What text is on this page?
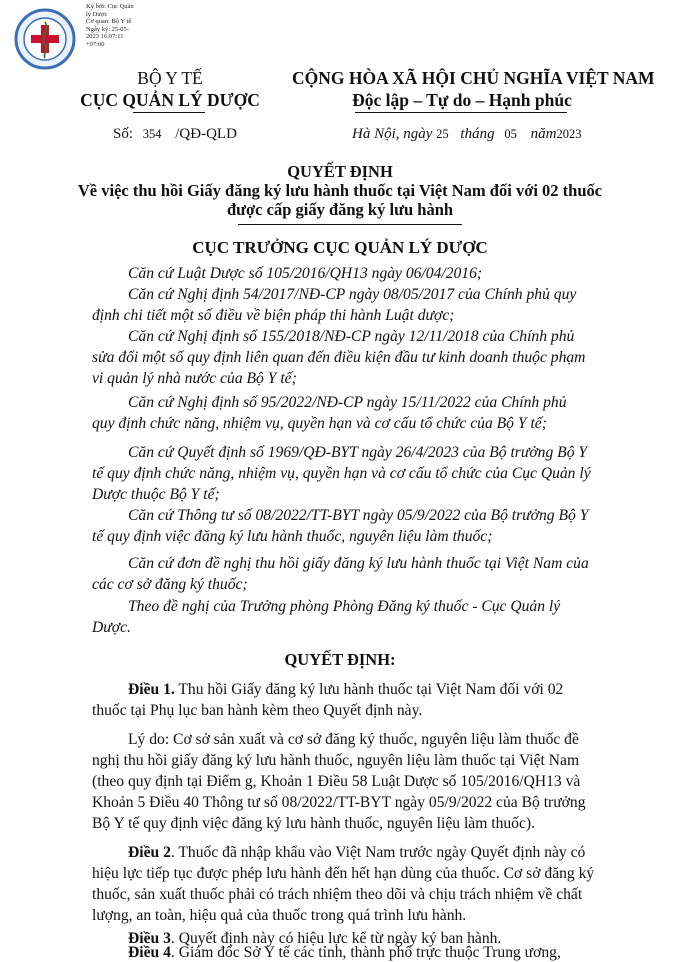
Ký bởi: Cục Quản
lý Dược
Cơ quan: Bộ Y tế
Ngày ký: 25-05-
2023 16:07:11
+07:00
BỘ Y TẾ
CỤC QUẢN LÝ DƯỢC
CỘNG HÒA XÃ HỘI CHỦ NGHĨA VIỆT NAM
Độc lập – Tự do – Hạnh phúc
Số: 354 /QĐ-QLD	Hà Nội, ngày 25 tháng 05 năm2023
QUYẾT ĐỊNH
Về việc thu hồi Giấy đăng ký lưu hành thuốc tại Việt Nam đối với 02 thuốc
được cấp giấy đăng ký lưu hành
CỤC TRƯỞNG CỤC QUẢN LÝ DƯỢC
Căn cứ Luật Dược số 105/2016/QH13 ngày 06/04/2016;
Căn cứ Nghị định 54/2017/NĐ-CP ngày 08/05/2017 của Chính phủ quy
định chi tiết một số điều về biện pháp thi hành Luật dược;
Căn cứ Nghị định số 155/2018/NĐ-CP ngày 12/11/2018 của Chính phủ
sửa đổi một số quy định liên quan đến điều kiện đầu tư kinh doanh thuộc phạm
vi quản lý nhà nước của Bộ Y tế;
Căn cứ Nghị định số 95/2022/NĐ-CP ngày 15/11/2022 của Chính phủ
quy định chức năng, nhiệm vụ, quyền hạn và cơ cấu tổ chức của Bộ Y tế;
Căn cứ Quyết định số 1969/QĐ-BYT ngày 26/4/2023 của Bộ trưởng Bộ Y
tế quy định chức năng, nhiệm vụ, quyền hạn và cơ cấu tổ chức của Cục Quản lý
Dược thuộc Bộ Y tế;
Căn cứ Thông tư số 08/2022/TT-BYT ngày 05/9/2022 của Bộ trưởng Bộ Y
tế quy định việc đăng ký lưu hành thuốc, nguyên liệu làm thuốc;
Căn cứ đơn đề nghị thu hồi giấy đăng ký lưu hành thuốc tại Việt Nam của
các cơ sở đăng ký thuốc;
Theo đề nghị của Trưởng phòng Phòng Đăng ký thuốc - Cục Quản lý
Dược.
QUYẾT ĐỊNH:
Điều 1. Thu hồi Giấy đăng ký lưu hành thuốc tại Việt Nam đối với 02
thuốc tại Phụ lục ban hành kèm theo Quyết định này.
Lý do: Cơ sở sản xuất và cơ sở đăng ký thuốc, nguyên liệu làm thuốc đề
nghị thu hồi giấy đăng ký lưu hành thuốc, nguyên liệu làm thuốc tại Việt Nam
(theo quy định tại Điểm g, Khoản 1 Điều 58 Luật Dược số 105/2016/QH13 và
Khoản 5 Điều 40 Thông tư số 08/2022/TT-BYT ngày 05/9/2022 của Bộ trưởng
Bộ Y tế quy định việc đăng ký lưu hành thuốc, nguyên liệu làm thuốc).
Điều 2. Thuốc đã nhập khẩu vào Việt Nam trước ngày Quyết định này có
hiệu lực tiếp tục được phép lưu hành đến hết hạn dùng của thuốc. Cơ sở đăng ký
thuốc, sản xuất thuốc phải có trách nhiệm theo dõi và chịu trách nhiệm về chất
lượng, an toàn, hiệu quả của thuốc trong quá trình lưu hành.
Điều 3. Quyết định này có hiệu lực kể từ ngày ký ban hành.
Điều 4. Giám đốc Sở Y tế các tỉnh, thành phố trực thuộc Trung ương,
